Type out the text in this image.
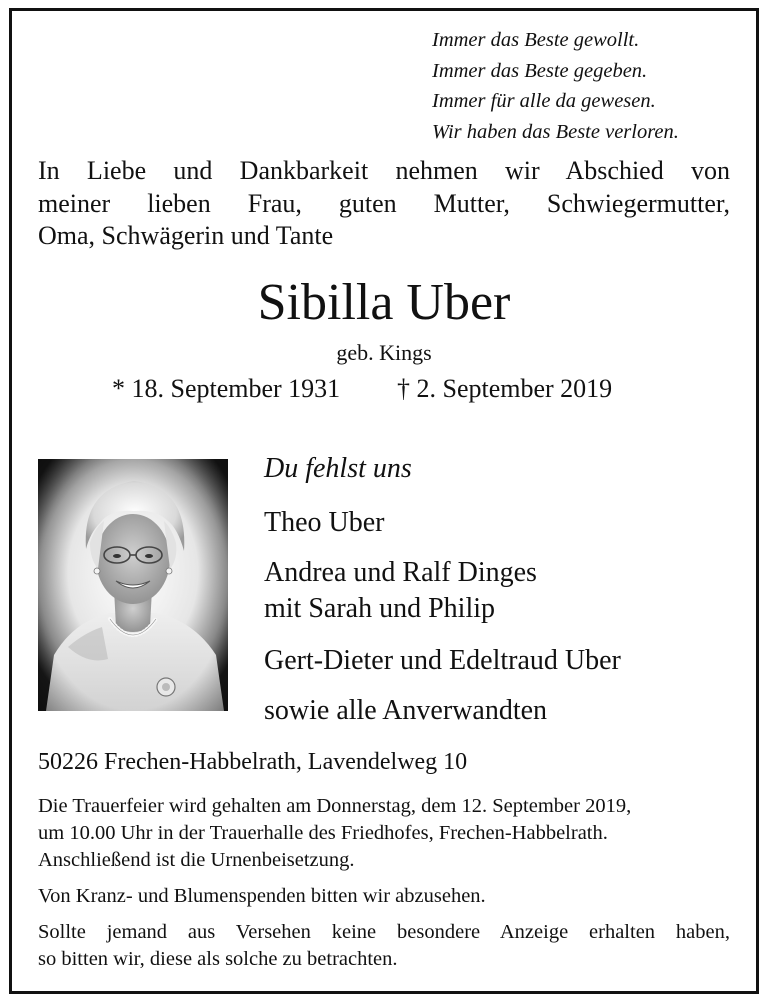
Immer das Beste gewollt.
Immer das Beste gegeben.
Immer für alle da gewesen.
Wir haben das Beste verloren.
In Liebe und Dankbarkeit nehmen wir Abschied von
meiner lieben Frau, guten Mutter, Schwiegermutter,
Oma, Schwägerin und Tante
Sibilla Uber
geb. Kings
* 18. September 1931 † 2. September 2019
Du fehlst uns
Theo Uber
Andrea und Ralf Dinges
mit Sarah und Philip
Gert-Dieter und Edeltraud Uber
sowie alle Anverwandten
50226 Frechen-Habbelrath, Lavendelweg 10

Die Trauerfeier wird gehalten am Donnerstag, dem 12. September 2019,
um 10.00 Uhr in der Trauerhalle des Friedhofes, Frechen-Habbelrath.
Anschließend ist die Urnenbeisetzung.

Von Kranz- und Blumenspenden bitten wir abzusehen.

Sollte jemand aus Versehen keine besondere Anzeige erhalten haben,
so bitten wir, diese als solche zu betrachten.
